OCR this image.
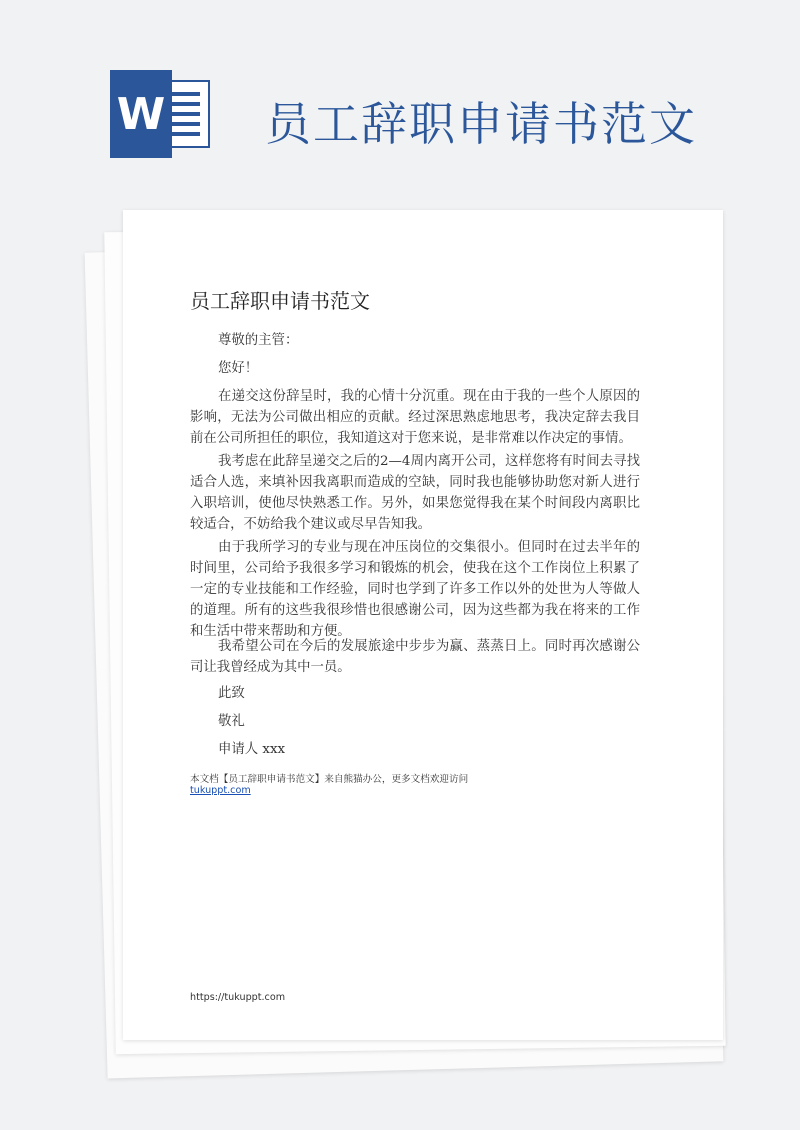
W 员工辞职申请书范文
员工辞职申请书范文
尊敬的主管：
您好！
在递交这份辞呈时，我的心情十分沉重。现在由于我的一些个人原因的影响，无法为公司做出相应的贡献。经过深思熟虑地思考，我决定辞去我目前在公司所担任的职位，我知道这对于您来说，是非常难以作决定的事情。
我考虑在此辞呈递交之后的2—4周内离开公司，这样您将有时间去寻找适合人选，来填补因我离职而造成的空缺，同时我也能够协助您对新人进行入职培训，使他尽快熟悉工作。另外，如果您觉得我在某个时间段内离职比较适合，不妨给我个建议或尽早告知我。
由于我所学习的专业与现在冲压岗位的交集很小。但同时在过去半年的时间里，公司给予我很多学习和锻炼的机会，使我在这个工作岗位上积累了一定的专业技能和工作经验，同时也学到了许多工作以外的处世为人等做人的道理。所有的这些我很珍惜也很感谢公司，因为这些都为我在将来的工作和生活中带来帮助和方便。
我希望公司在今后的发展旅途中步步为赢、蒸蒸日上。同时再次感谢公司让我曾经成为其中一员。
此致
敬礼
申请人 xxx
本文档【员工辞职申请书范文】来自熊猫办公，更多文档欢迎访问
tukuppt.com
https://tukuppt.com
